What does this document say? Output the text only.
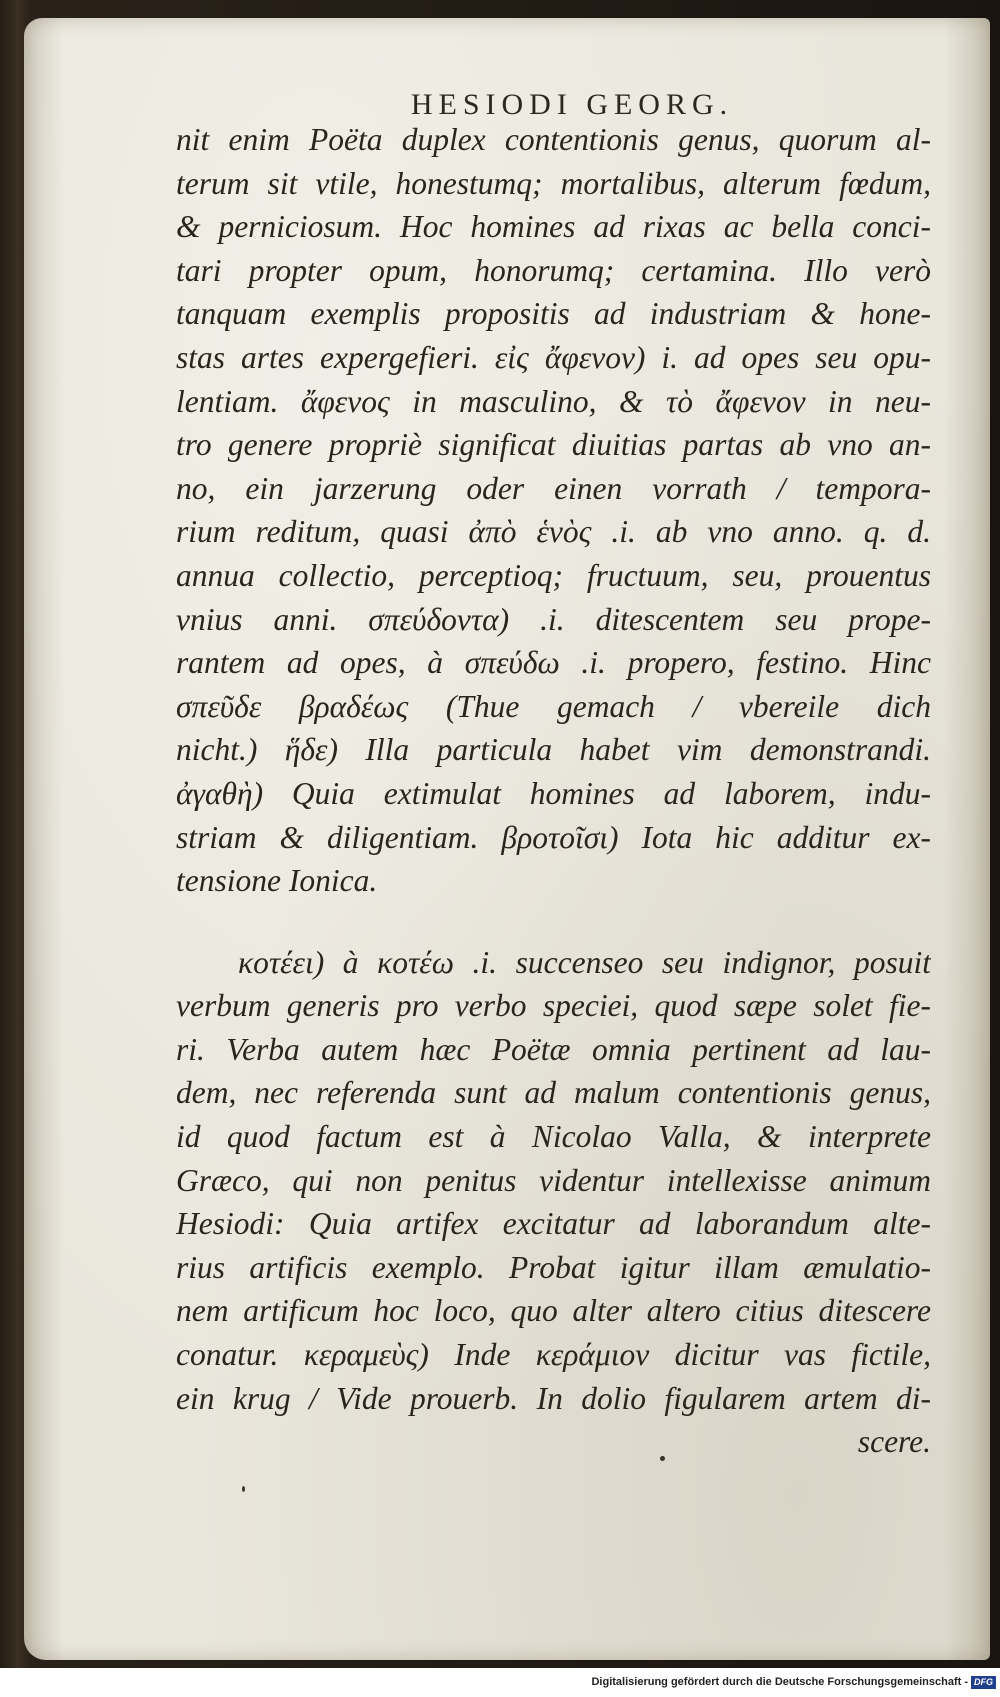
HESIODI GEORG.
nit enim Poëta duplex contentionis genus, quorum al-
terum sit vtile, honestumq; mortalibus, alterum fœdum,
& perniciosum. Hoc homines ad rixas ac bella conci-
tari propter opum, honorumq; certamina. Illo verò
tanquam exemplis propositis ad industriam & hone-
stas artes expergefieri. εἰς ἄφενον) i. ad opes seu opu-
lentiam. ἄφενος in masculino, & τὸ ἄφενον in neu-
tro genere propriè significat diuitias partas ab vno an-
no, ein jarzerung oder einen vorrath / tempora-
rium reditum, quasi ἀπὸ ἑνὸς .i. ab vno anno. q. d.
annua collectio, perceptioq; fructuum, seu, prouentus
vnius anni. σπεύδοντα) .i. ditescentem seu prope-
rantem ad opes, à σπεύδω .i. propero, festino. Hinc
σπεῦδε βραδέως (Thue gemach / vbereile dich
nicht.) ἥδε) Illa particula habet vim demonstrandi.
ἀγαθὴ) Quia extimulat homines ad laborem, indu-
striam & diligentiam. βροτοῖσι) Iota hic additur ex-
tensione Ionica.
κοτέει) à κοτέω .i. succenseo seu indignor, posuit
verbum generis pro verbo speciei, quod sæpe solet fie-
ri. Verba autem hæc Poëtæ omnia pertinent ad lau-
dem, nec referenda sunt ad malum contentionis genus,
id quod factum est à Nicolao Valla, & interprete
Græco, qui non penitus videntur intellexisse animum
Hesiodi: Quia artifex excitatur ad laborandum alte-
rius artificis exemplo. Probat igitur illam æmulatio-
nem artificum hoc loco, quo alter altero citius ditescere
conatur. κεραμεὺς) Inde κεράμιον dicitur vas fictile,
ein krug / Vide prouerb. In dolio figularem artem di-
scere.
Digitalisierung gefördert durch die Deutsche Forschungsgemeinschaft - DFG
